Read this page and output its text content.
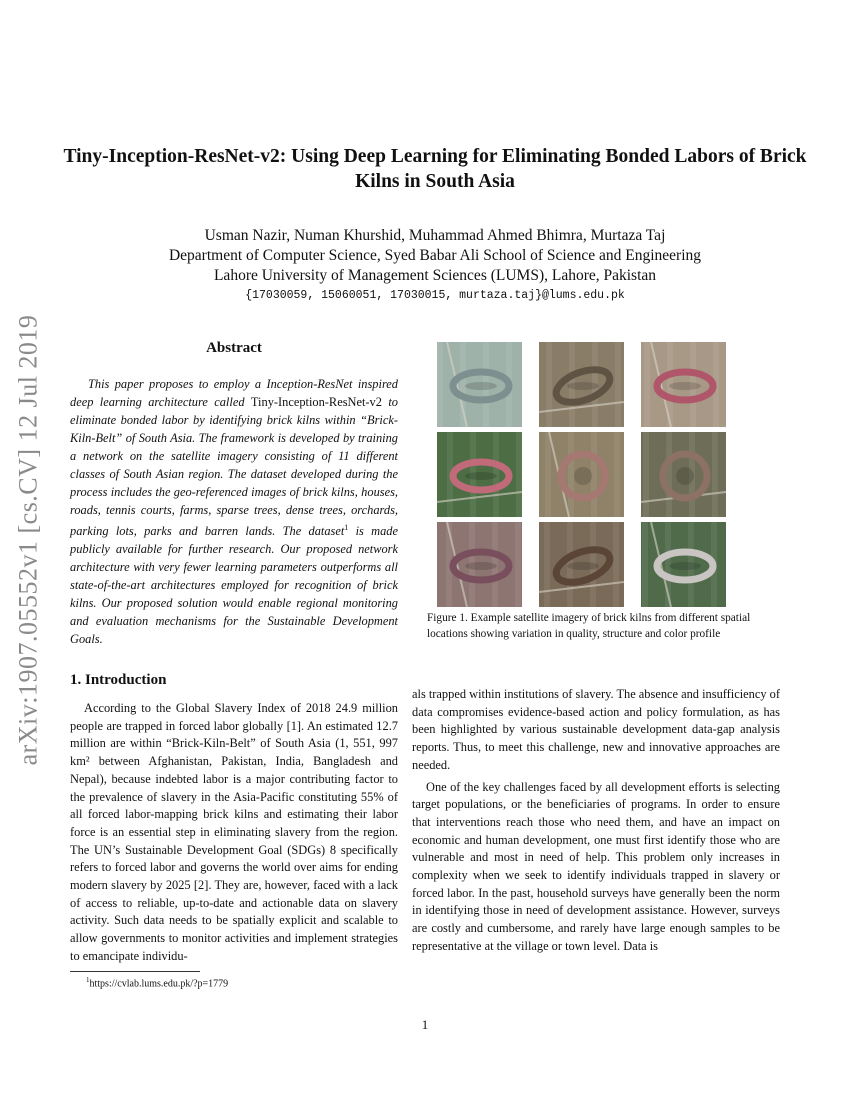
arXiv:1907.05552v1 [cs.CV] 12 Jul 2019
Tiny-Inception-ResNet-v2: Using Deep Learning for Eliminating Bonded Labors of Brick Kilns in South Asia
Usman Nazir, Numan Khurshid, Muhammad Ahmed Bhimra, Murtaza Taj
Department of Computer Science, Syed Babar Ali School of Science and Engineering
Lahore University of Management Sciences (LUMS), Lahore, Pakistan
{17030059, 15060051, 17030015, murtaza.taj}@lums.edu.pk
Abstract

This paper proposes to employ a Inception-ResNet inspired deep learning architecture called Tiny-Inception-ResNet-v2 to eliminate bonded labor by identifying brick kilns within “Brick-Kiln-Belt” of South Asia. The framework is developed by training a network on the satellite imagery consisting of 11 different classes of South Asian region. The dataset developed during the process includes the geo-referenced images of brick kilns, houses, roads, tennis courts, farms, sparse trees, dense trees, orchards, parking lots, parks and barren lands. The dataset$^1$ is made publicly available for further research. Our proposed network architecture with very fewer learning parameters outperforms all state-of-the-art architectures employed for recognition of brick kilns. Our proposed solution would enable regional monitoring and evaluation mechanisms for the Sustainable Development Goals.

1. Introduction

According to the Global Slavery Index of 2018 24.9 million people are trapped in forced labor globally [1]. An estimated 12.7 million are within “Brick-Kiln-Belt” of South Asia (1, 551, 997 km² between Afghanistan, Pakistan, India, Bangladesh and Nepal), because indebted labor is a major contributing factor to the prevalence of slavery in the Asia-Pacific constituting 55% of all forced labor-mapping brick kilns and estimating their labor force is an essential step in eliminating slavery from the region. The UN’s Sustainable Development Goal (SDGs) 8 specifically refers to forced labor and governs the world over aims for ending modern slavery by 2025 [2]. They are, however, faced with a lack of access to reliable, up-to-date and actionable data on slavery activity. Such data needs to be spatially explicit and scalable to allow governments to monitor activities and implement strategies to emancipate individu-

$^1$https://cvlab.lums.edu.pk/?p=1779

Figure 1. Example satellite imagery of brick kilns from different spatial locations showing variation in quality, structure and color profile

als trapped within institutions of slavery. The absence and insufficiency of data compromises evidence-based action and policy formulation, as has been highlighted by various sustainable development data-gap analysis reports. Thus, to meet this challenge, new and innovative approaches are needed.

One of the key challenges faced by all development efforts is selecting target populations, or the beneficiaries of programs. In order to ensure that interventions reach those who need them, and have an impact on economic and human development, one must first identify those who are vulnerable and most in need of help. This problem only increases in complexity when we seek to identify individuals trapped in slavery or forced labor. In the past, household surveys have generally been the norm in identifying those in need of development assistance. However, surveys are costly and cumbersome, and rarely have large enough samples to be representative at the village or town level. Data is

1
